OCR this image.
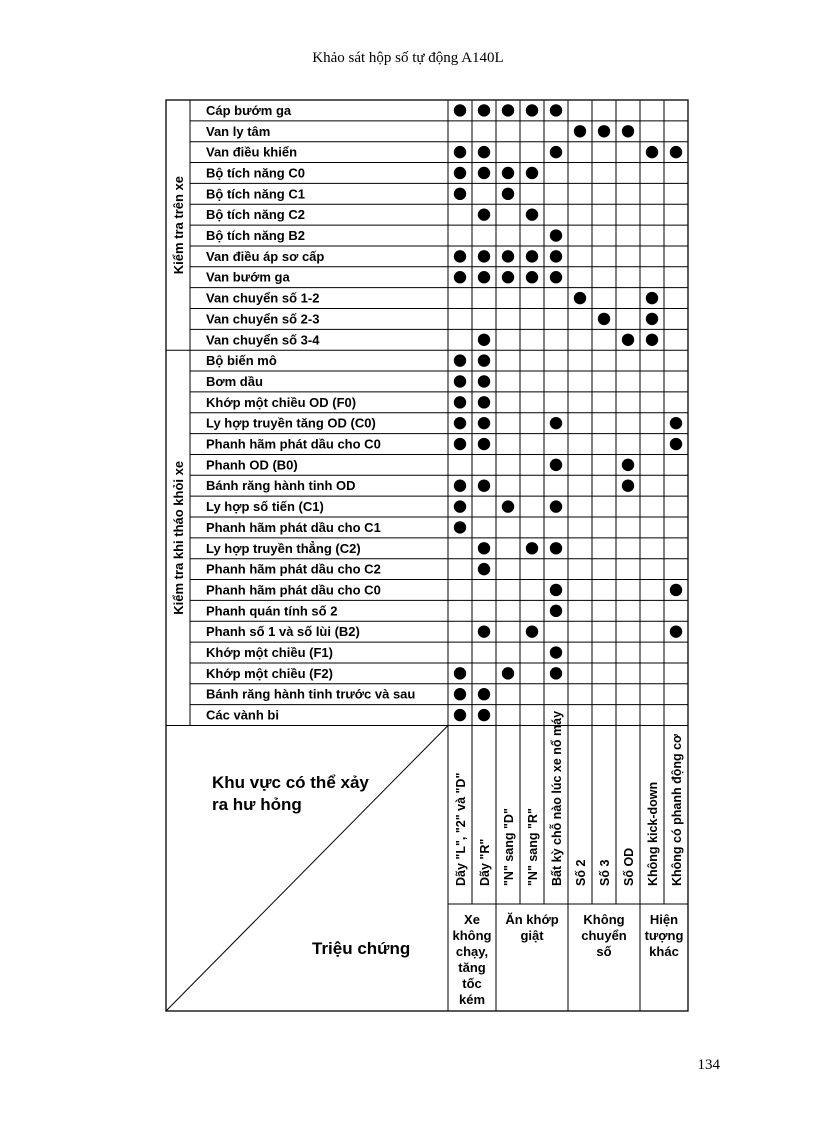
Khảo sát hộp số tự động A140L
Kiểm tra trên xe
Kiểm tra khi tháo khỏi xe
Cáp bướm ga
Van ly tâm
Van điều khiển
Bộ tích năng C0
Bộ tích năng C1
Bộ tích năng C2
Bộ tích năng B2
Van điều áp sơ cấp
Van bướm ga
Van chuyển số 1-2
Van chuyển số 2-3
Van chuyển số 3-4
Bộ biến mô
Bơm dầu
Khớp một chiều OD (F0)
Ly hợp truyền tăng OD (C0)
Phanh hãm phát dầu cho C0
Phanh OD (B0)
Bánh răng hành tinh OD
Ly hợp số tiến (C1)
Phanh hãm phát dầu cho C1
Ly hợp truyền thẳng (C2)
Phanh hãm phát dầu cho C2
Phanh hãm phát dầu cho C0
Phanh quán tính số 2
Phanh số 1 và số lùi (B2)
Khớp một chiều (F1)
Khớp một chiều (F2)
Bánh răng hành tinh trước và sau
Các vành bi
Dãy "L", "2" và "D" Dãy "R" "N" sang "D" "N" sang "R" Bất kỳ chỗ nào lúc xe nổ máy Số 2 Số 3 Số OD Không kick-down Không có phanh động cơ
Khu vực có thể xảy ra hư hỏng
Triệu chứng
Xe không chạy, tăng tốc kém
Ăn khớp giật
Không chuyển số
Hiện tượng khác
134
